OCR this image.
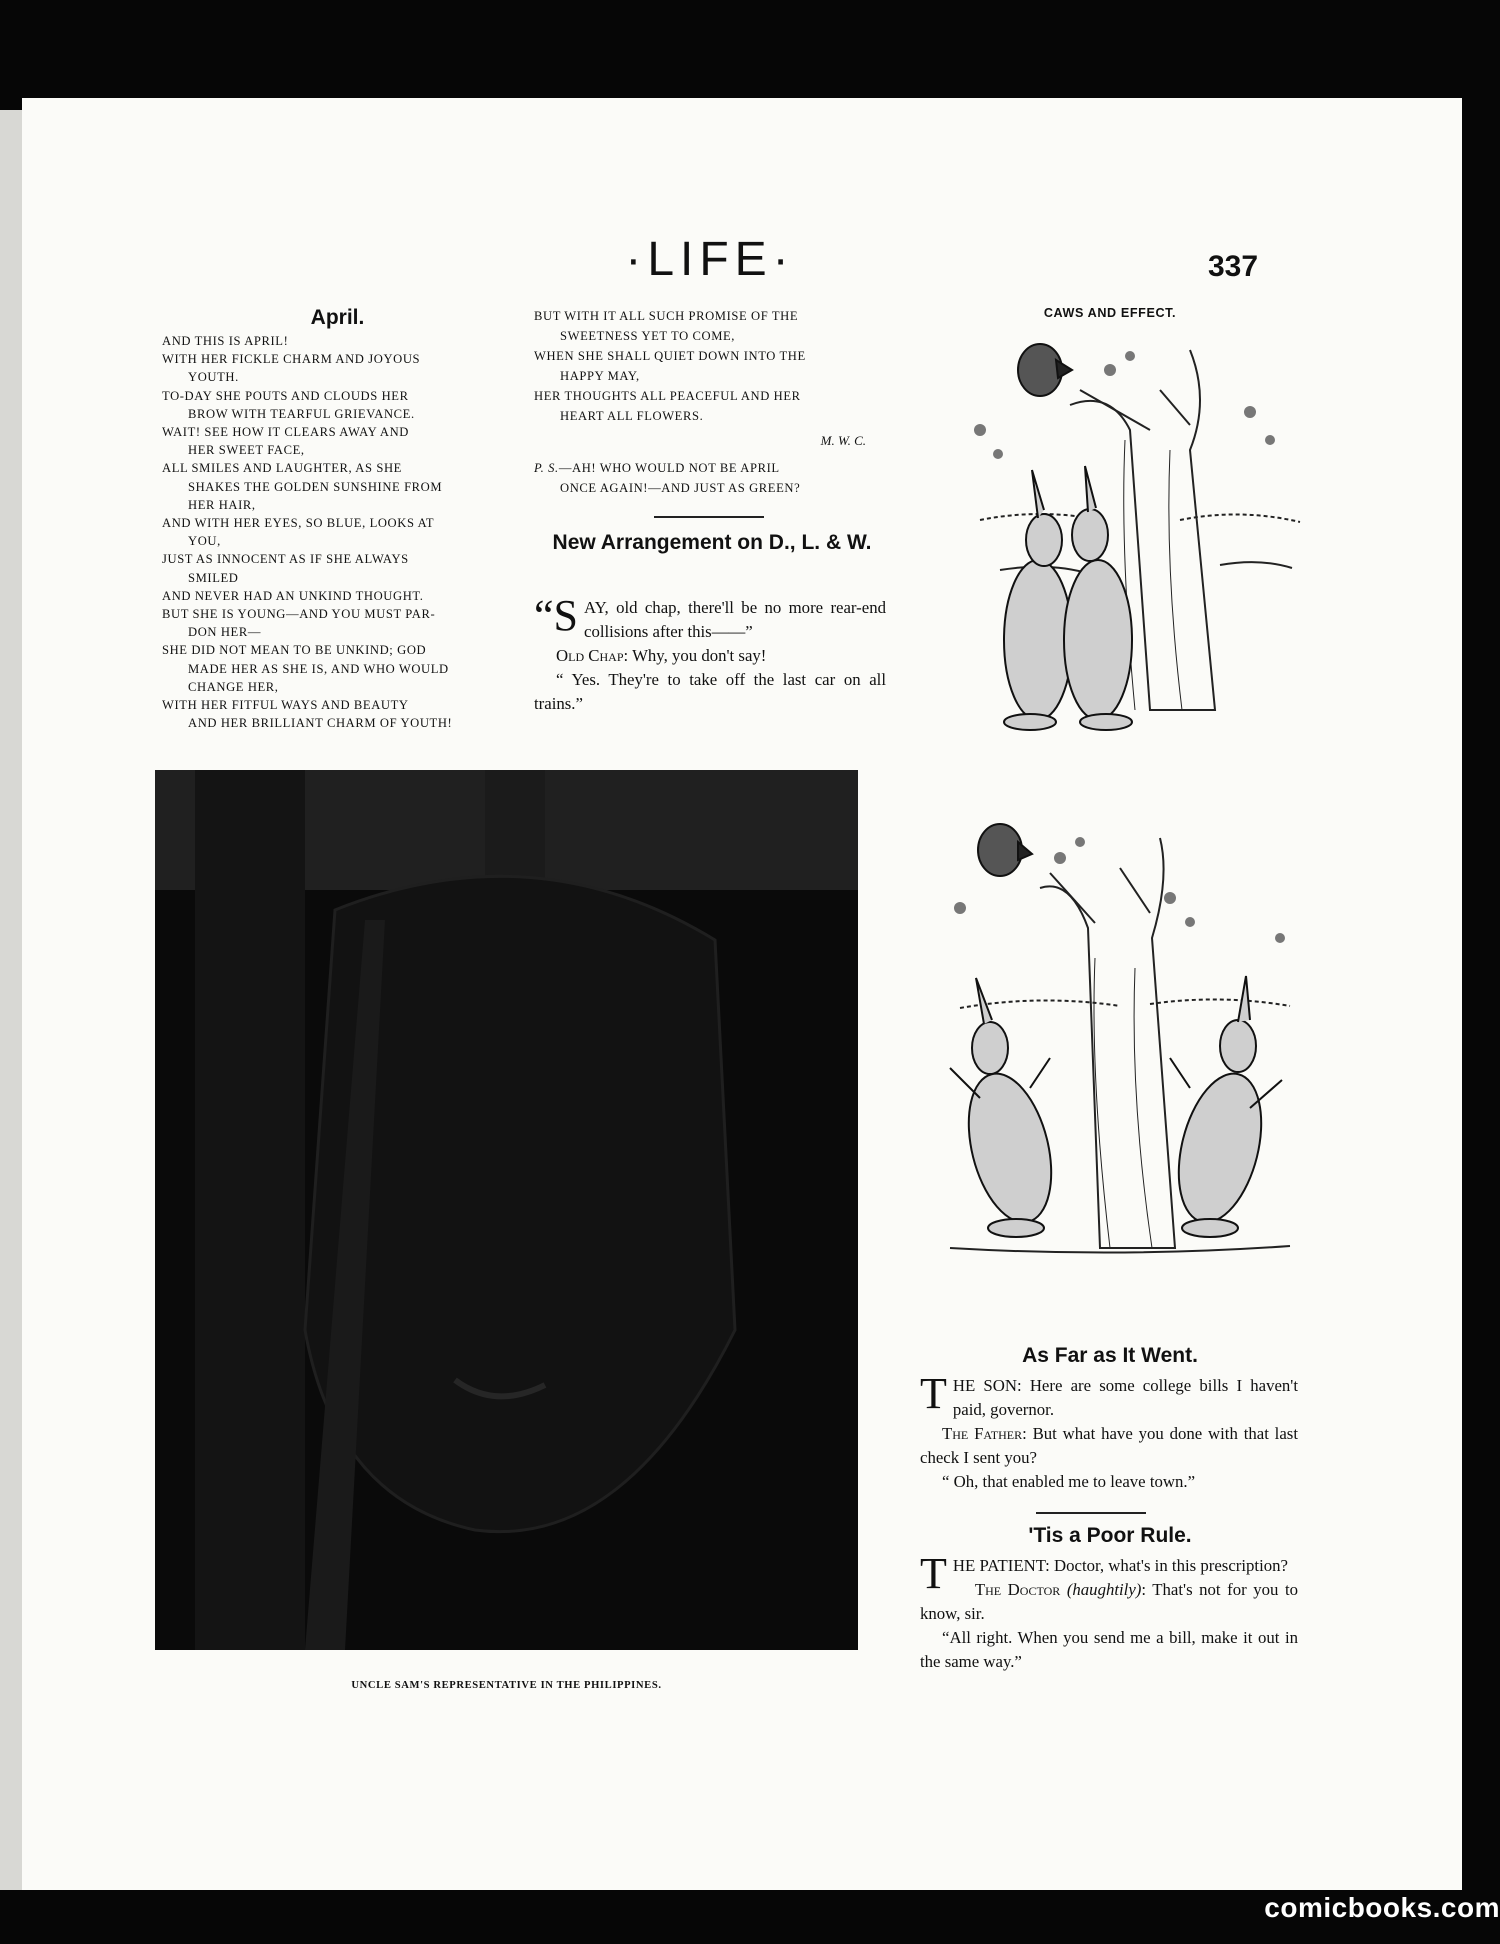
·LIFE·	337
April.
AND THIS IS APRIL!
WITH HER FICKLE CHARM AND JOYOUS
YOUTH.
TO-DAY SHE POUTS AND CLOUDS HER
BROW WITH TEARFUL GRIEVANCE.
WAIT! SEE HOW IT CLEARS AWAY AND
HER SWEET FACE,
ALL SMILES AND LAUGHTER, AS SHE
SHAKES THE GOLDEN SUNSHINE FROM
HER HAIR,
AND WITH HER EYES, SO BLUE, LOOKS AT
YOU,
JUST AS INNOCENT AS IF SHE ALWAYS
SMILED
AND NEVER HAD AN UNKIND THOUGHT.
BUT SHE IS YOUNG—AND YOU MUST PAR-
DON HER—
SHE DID NOT MEAN TO BE UNKIND; GOD
MADE HER AS SHE IS, AND WHO WOULD
CHANGE HER,
WITH HER FITFUL WAYS AND BEAUTY
AND HER BRILLIANT CHARM OF YOUTH!
BUT WITH IT ALL SUCH PROMISE OF THE
SWEETNESS YET TO COME,
WHEN SHE SHALL QUIET DOWN INTO THE
HAPPY MAY,
HER THOUGHTS ALL PEACEFUL AND HER
HEART ALL FLOWERS.
M. W. C.
P. S.—AH! WHO WOULD NOT BE APRIL
ONCE AGAIN!—AND JUST AS GREEN?
New Arrangement on D., L. & W.

“SAY, old chap, there'll be no more rear-end collisions after this——”

Old Chap: Why, you don't say!

“ Yes. They're to take off the last car on all trains.”

CAWS AND EFFECT.
UNCLE SAM'S REPRESENTATIVE IN THE PHILIPPINES.
As Far as It Went.

THE SON: Here are some college bills I haven't paid, governor.

The Father: But what have you done with that last check I sent you?

“ Oh, that enabled me to leave town.”

'Tis a Poor Rule.

THE PATIENT: Doctor, what's in this prescription?

The Doctor (haughtily): That's not for you to know, sir.

“All right. When you send me a bill, make it out in the same way.”

comicbooks.com
